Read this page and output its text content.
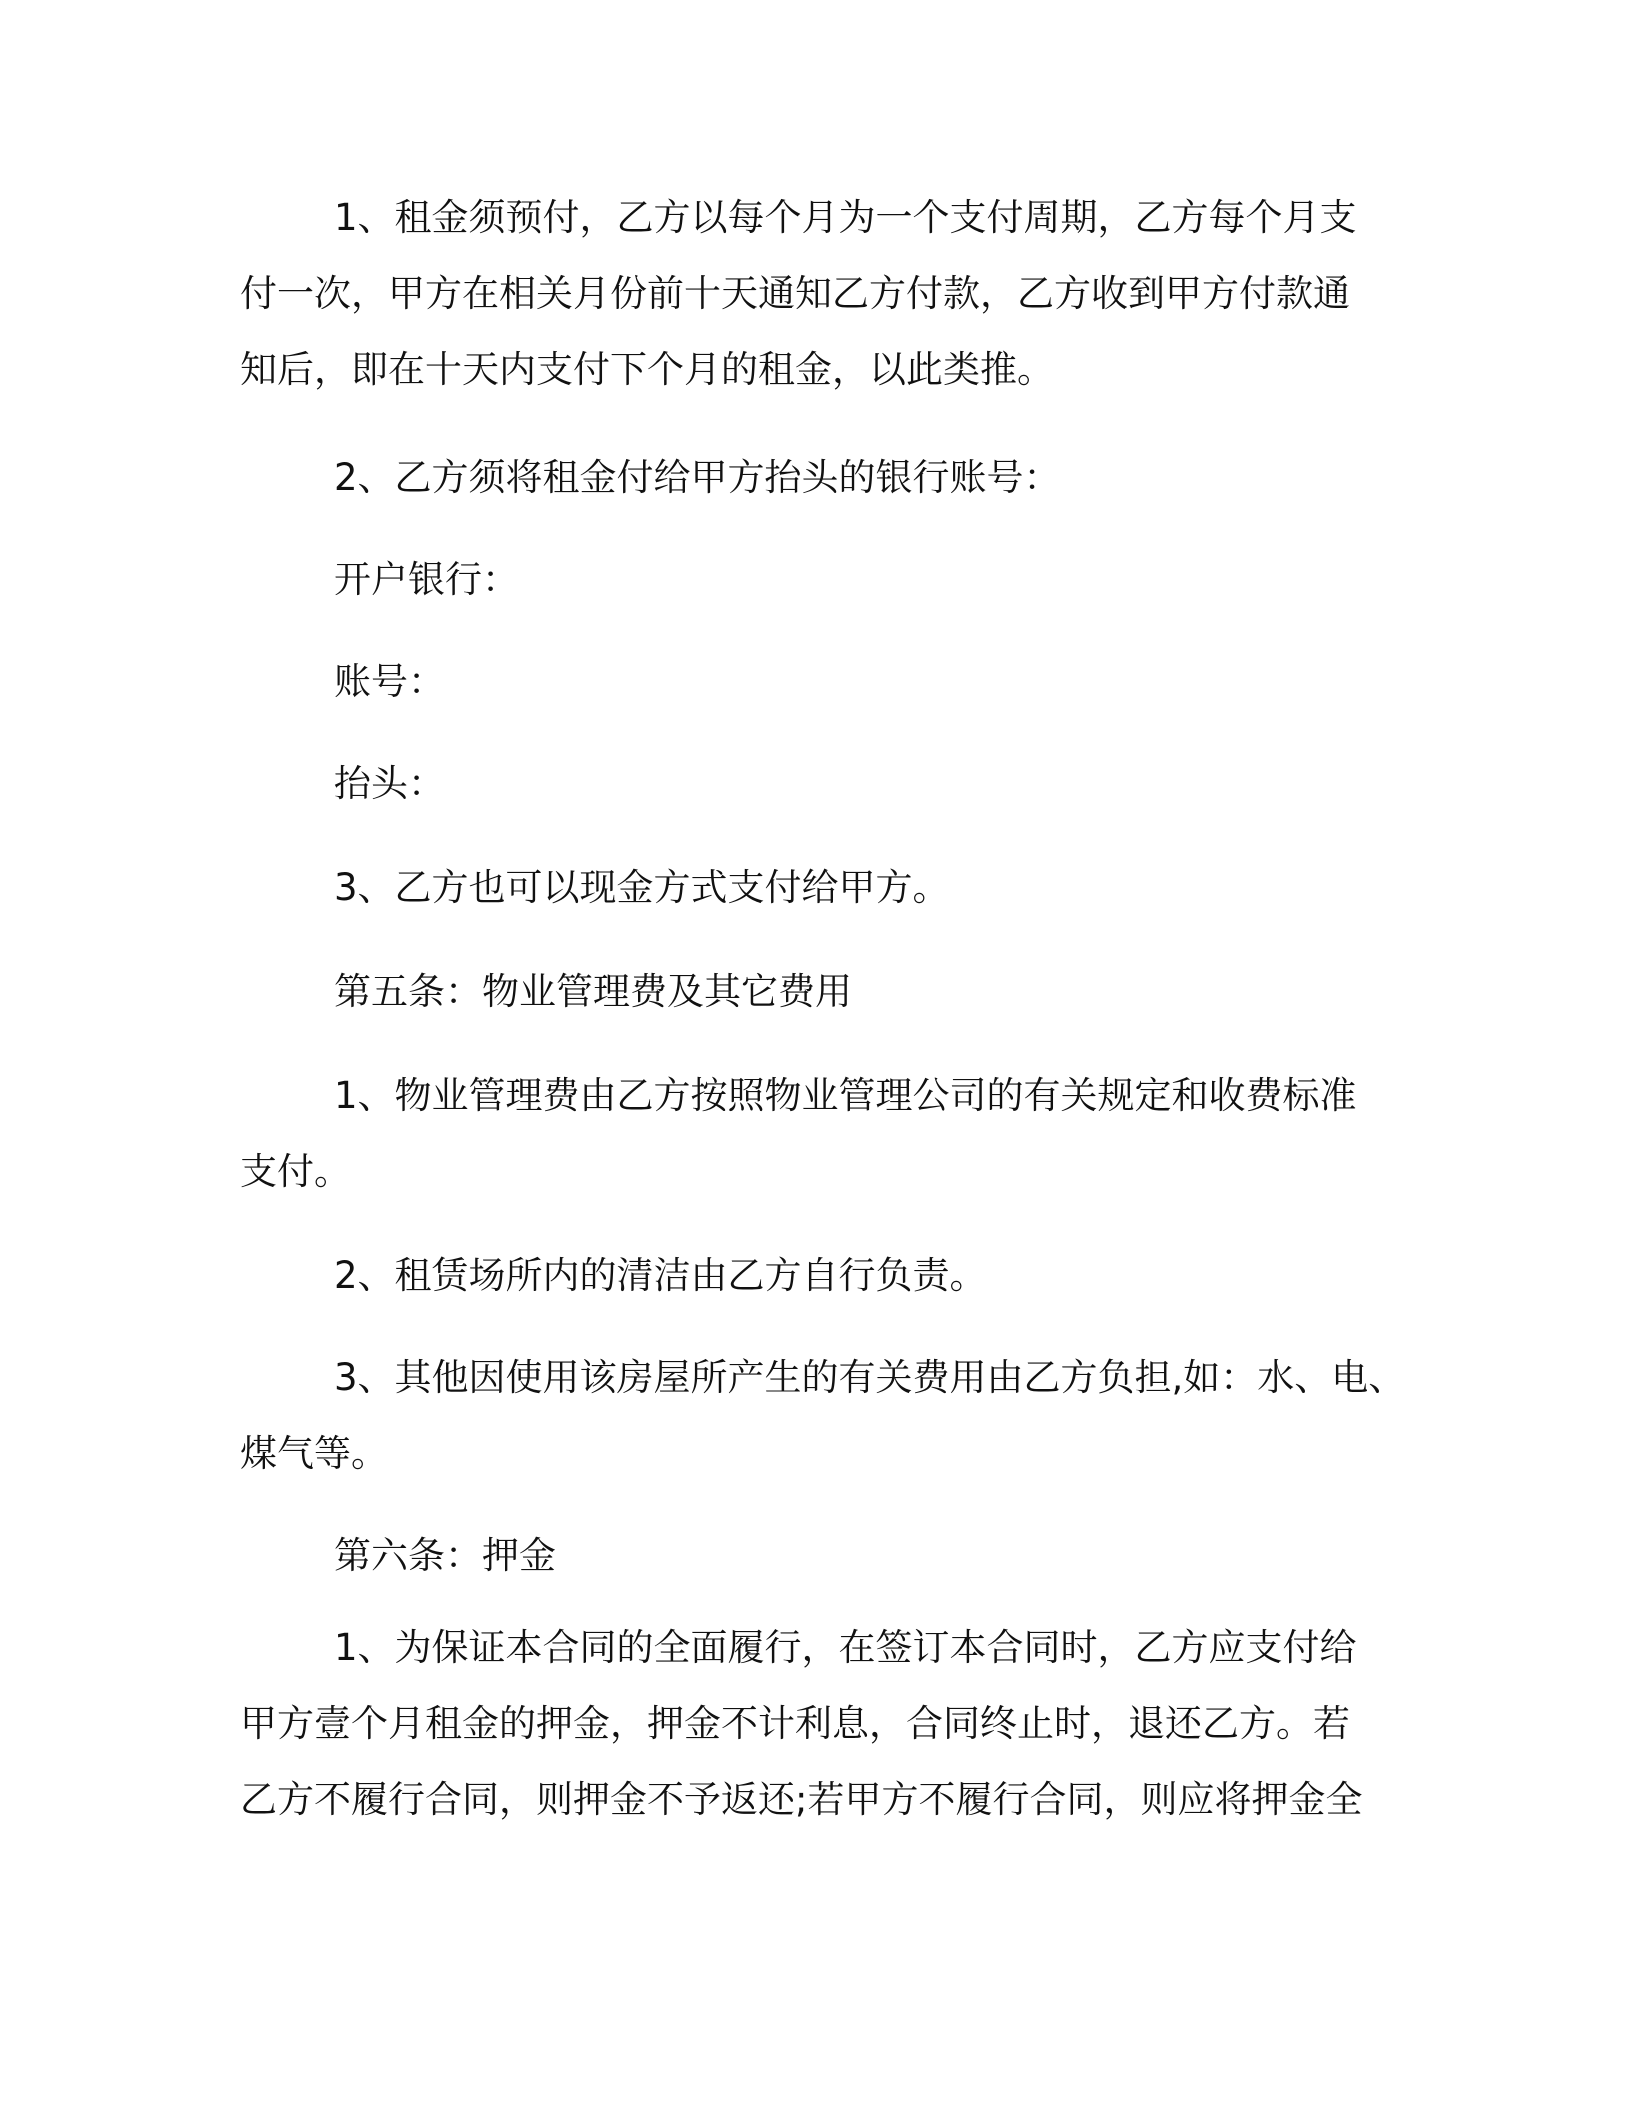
1、租金须预付，乙方以每个月为一个支付周期，乙方每个月支
付一次，甲方在相关月份前十天通知乙方付款，乙方收到甲方付款通
知后，即在十天内支付下个月的租金，以此类推。
2、乙方须将租金付给甲方抬头的银行账号：
开户银行：
账号：
抬头：
3、乙方也可以现金方式支付给甲方。
第五条：物业管理费及其它费用
1、物业管理费由乙方按照物业管理公司的有关规定和收费标准
支付。
2、租赁场所内的清洁由乙方自行负责。
3、其他因使用该房屋所产生的有关费用由乙方负担,如：水、电、
煤气等。
第六条：押金
1、为保证本合同的全面履行，在签订本合同时，乙方应支付给
甲方壹个月租金的押金，押金不计利息，合同终止时，退还乙方。若
乙方不履行合同，则押金不予返还;若甲方不履行合同，则应将押金全
